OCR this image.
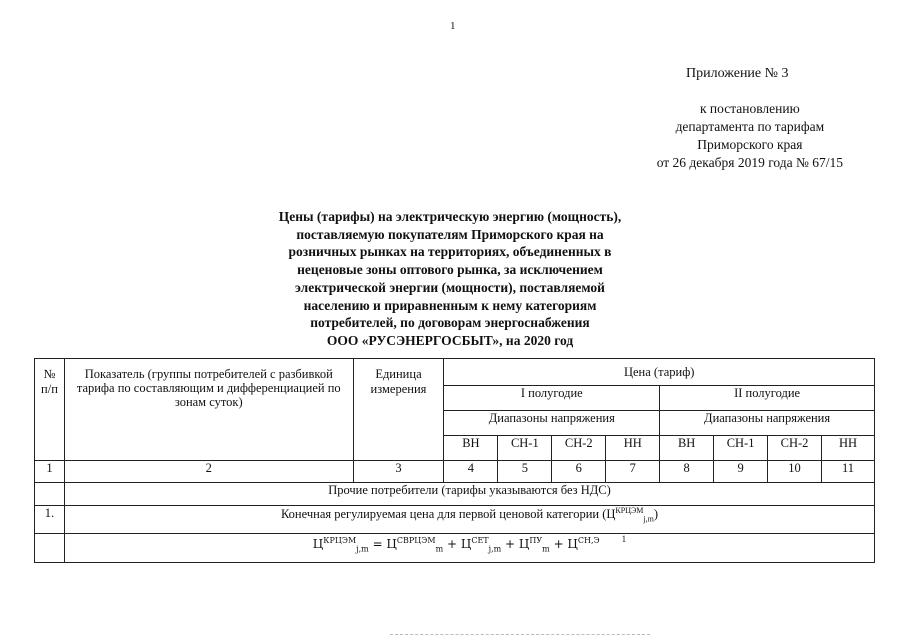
1
Приложение № 3
к постановлению
департамента по тарифам
Приморского края
от 26 декабря 2019 года № 67/15
Цены (тарифы) на электрическую энергию (мощность),
поставляемую покупателям Приморского края на
розничных рынках на территориях, объединенных в
неценовые зоны оптового рынка, за исключением
электрической энергии (мощности), поставляемой
населению и приравненным к нему категориям
потребителей, по договорам энергоснабжения
ООО «РУСЭНЕРГОСБЫТ», на 2020 год
№ п/п	Показатель (группы потребителей с разбивкой тарифа по составляющим и дифференциацией по зонам суток)	Единица измерения	Цена (тариф)							
			I полугодие				II полугодие			
			Диапазоны напряжения				Диапазоны напряжения			
			ВН	СН-1	СН-2	НН	ВН	СН-1	СН-2	НН
1	2	3	4	5	6	7	8	9	10	11
	Прочие потребители (тарифы указываются без НДС)									
1.	Конечная регулируемая цена для первой ценовой категории $(Ц^{КРЦЭМ}_{j,m})$									
	$Ц^{КРЦЭМ}_{j,m} = Ц^{СВРЦЭМ}_m + Ц^{СЕТ}_{j,m} + Ц^{ПУ}_m + Ц^{СН,Э}$ $^1$
